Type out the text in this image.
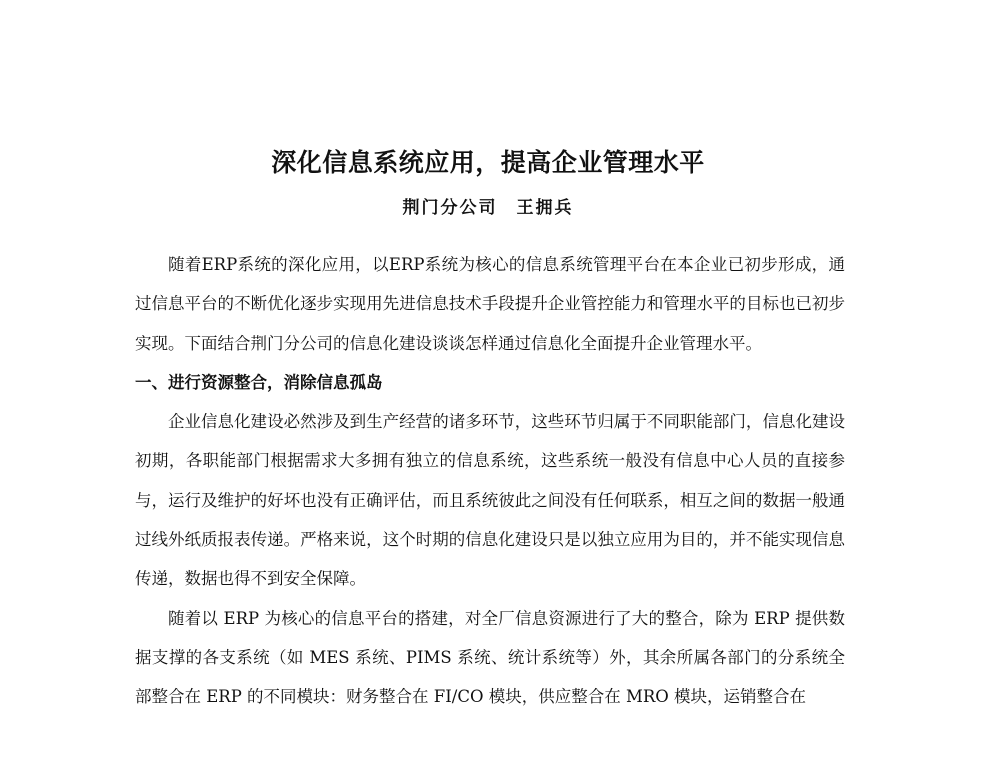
深化信息系统应用，提高企业管理水平
荆门分公司　王拥兵

随着ERP系统的深化应用，以ERP系统为核心的信息系统管理平台在本企业已初步形成，通过信息平台的不断优化逐步实现用先进信息技术手段提升企业管控能力和管理水平的目标也已初步实现。下面结合荆门分公司的信息化建设谈谈怎样通过信息化全面提升企业管理水平。

一、进行资源整合，消除信息孤岛

企业信息化建设必然涉及到生产经营的诸多环节，这些环节归属于不同职能部门，信息化建设初期，各职能部门根据需求大多拥有独立的信息系统，这些系统一般没有信息中心人员的直接参与，运行及维护的好坏也没有正确评估，而且系统彼此之间没有任何联系，相互之间的数据一般通过线外纸质报表传递。严格来说，这个时期的信息化建设只是以独立应用为目的，并不能实现信息传递，数据也得不到安全保障。

随着以 ERP 为核心的信息平台的搭建，对全厂信息资源进行了大的整合，除为 ERP 提供数据支撑的各支系统（如 MES 系统、PIMS 系统、统计系统等）外，其余所属各部门的分系统全部整合在 ERP 的不同模块：财务整合在 FI/CO 模块，供应整合在 MRO 模块，运销整合在
